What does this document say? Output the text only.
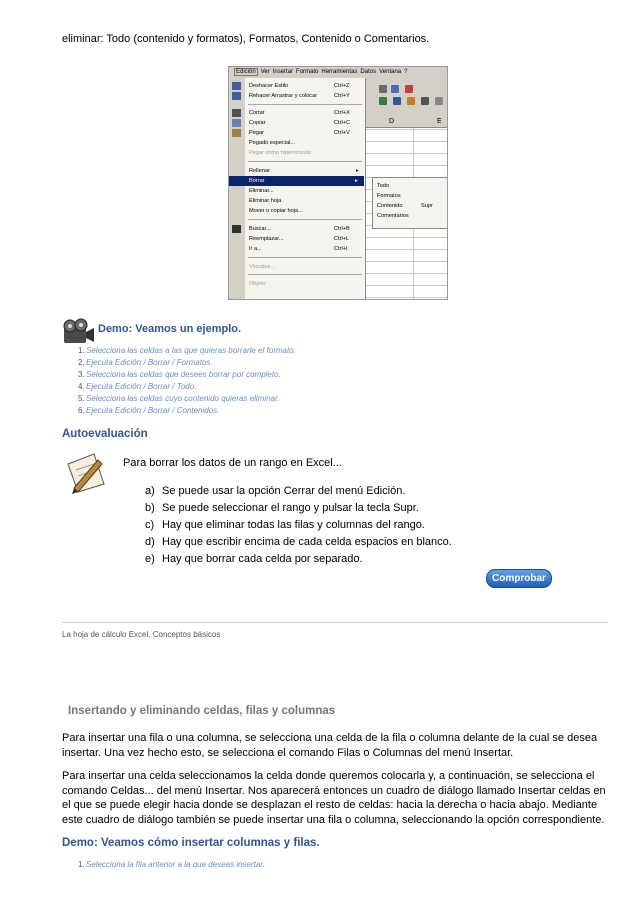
eliminar: Todo (contenido y formatos), Formatos, Contenido o Comentarios.
Edición Ver Insertar Formato Herramientas Datos Ventana ?
D	E
Deshacer Estilo	Ctrl+Z
Rehacer Arrastrar y colocar	Ctrl+Y
Cortar	Ctrl+X
Copiar	Ctrl+C
Pegar	Ctrl+V
Pegado especial...
Pegar como hipervínculo
Rellenar	▸
Borrar	▸
Eliminar...
Eliminar hoja
Mover o copiar hoja...
Buscar...	Ctrl+B
Reemplazar...	Ctrl+L
Ir a...	Ctrl+I
Vínculos...
Objeto
Todo
Formatos
Contenido	Supr
Comentarios
Demo: Veamos un ejemplo.
1. Selecciona las celdas a las que quieras borrarle el formato.
2. Ejecuta Edición / Borrar / Formatos.
3. Selecciona las celdas que desees borrar por completo.
4. Ejecuta Edición / Borrar / Todo.
5. Selecciona las celdas cuyo contenido quieras eliminar.
6. Ejecuta Edición / Borrar / Contenidos.
Autoevaluación
Para borrar los datos de un rango en Excel...
a) Se puede usar la opción Cerrar del menú Edición.
b) Se puede seleccionar el rango y pulsar la tecla Supr.
c) Hay que eliminar todas las filas y columnas del rango.
d) Hay que escribir encima de cada celda espacios en blanco.
e) Hay que borrar cada celda por separado.
Comprobar
La hoja de cálculo Excel. Conceptos básicos
Insertando y eliminando celdas, filas y columnas
Para insertar una fila o una columna, se selecciona una celda de la fila o columna delante de la cual se desea
insertar. Una vez hecho esto, se selecciona el comando Filas o Columnas del menú Insertar.
Para insertar una celda seleccionamos la celda donde queremos colocarla y, a continuación, se selecciona el
comando Celdas... del menú Insertar. Nos aparecerá entonces un cuadro de diálogo llamado Insertar celdas en
el que se puede elegir hacia donde se desplazan el resto de celdas: hacia la derecha o hacia abajo. Mediante
este cuadro de diálogo también se puede insertar una fila o columna, seleccionando la opción correspondiente.
Demo: Veamos cómo insertar columnas y filas.
1. Selecciona la fila anterior a la que deseas insertar.
